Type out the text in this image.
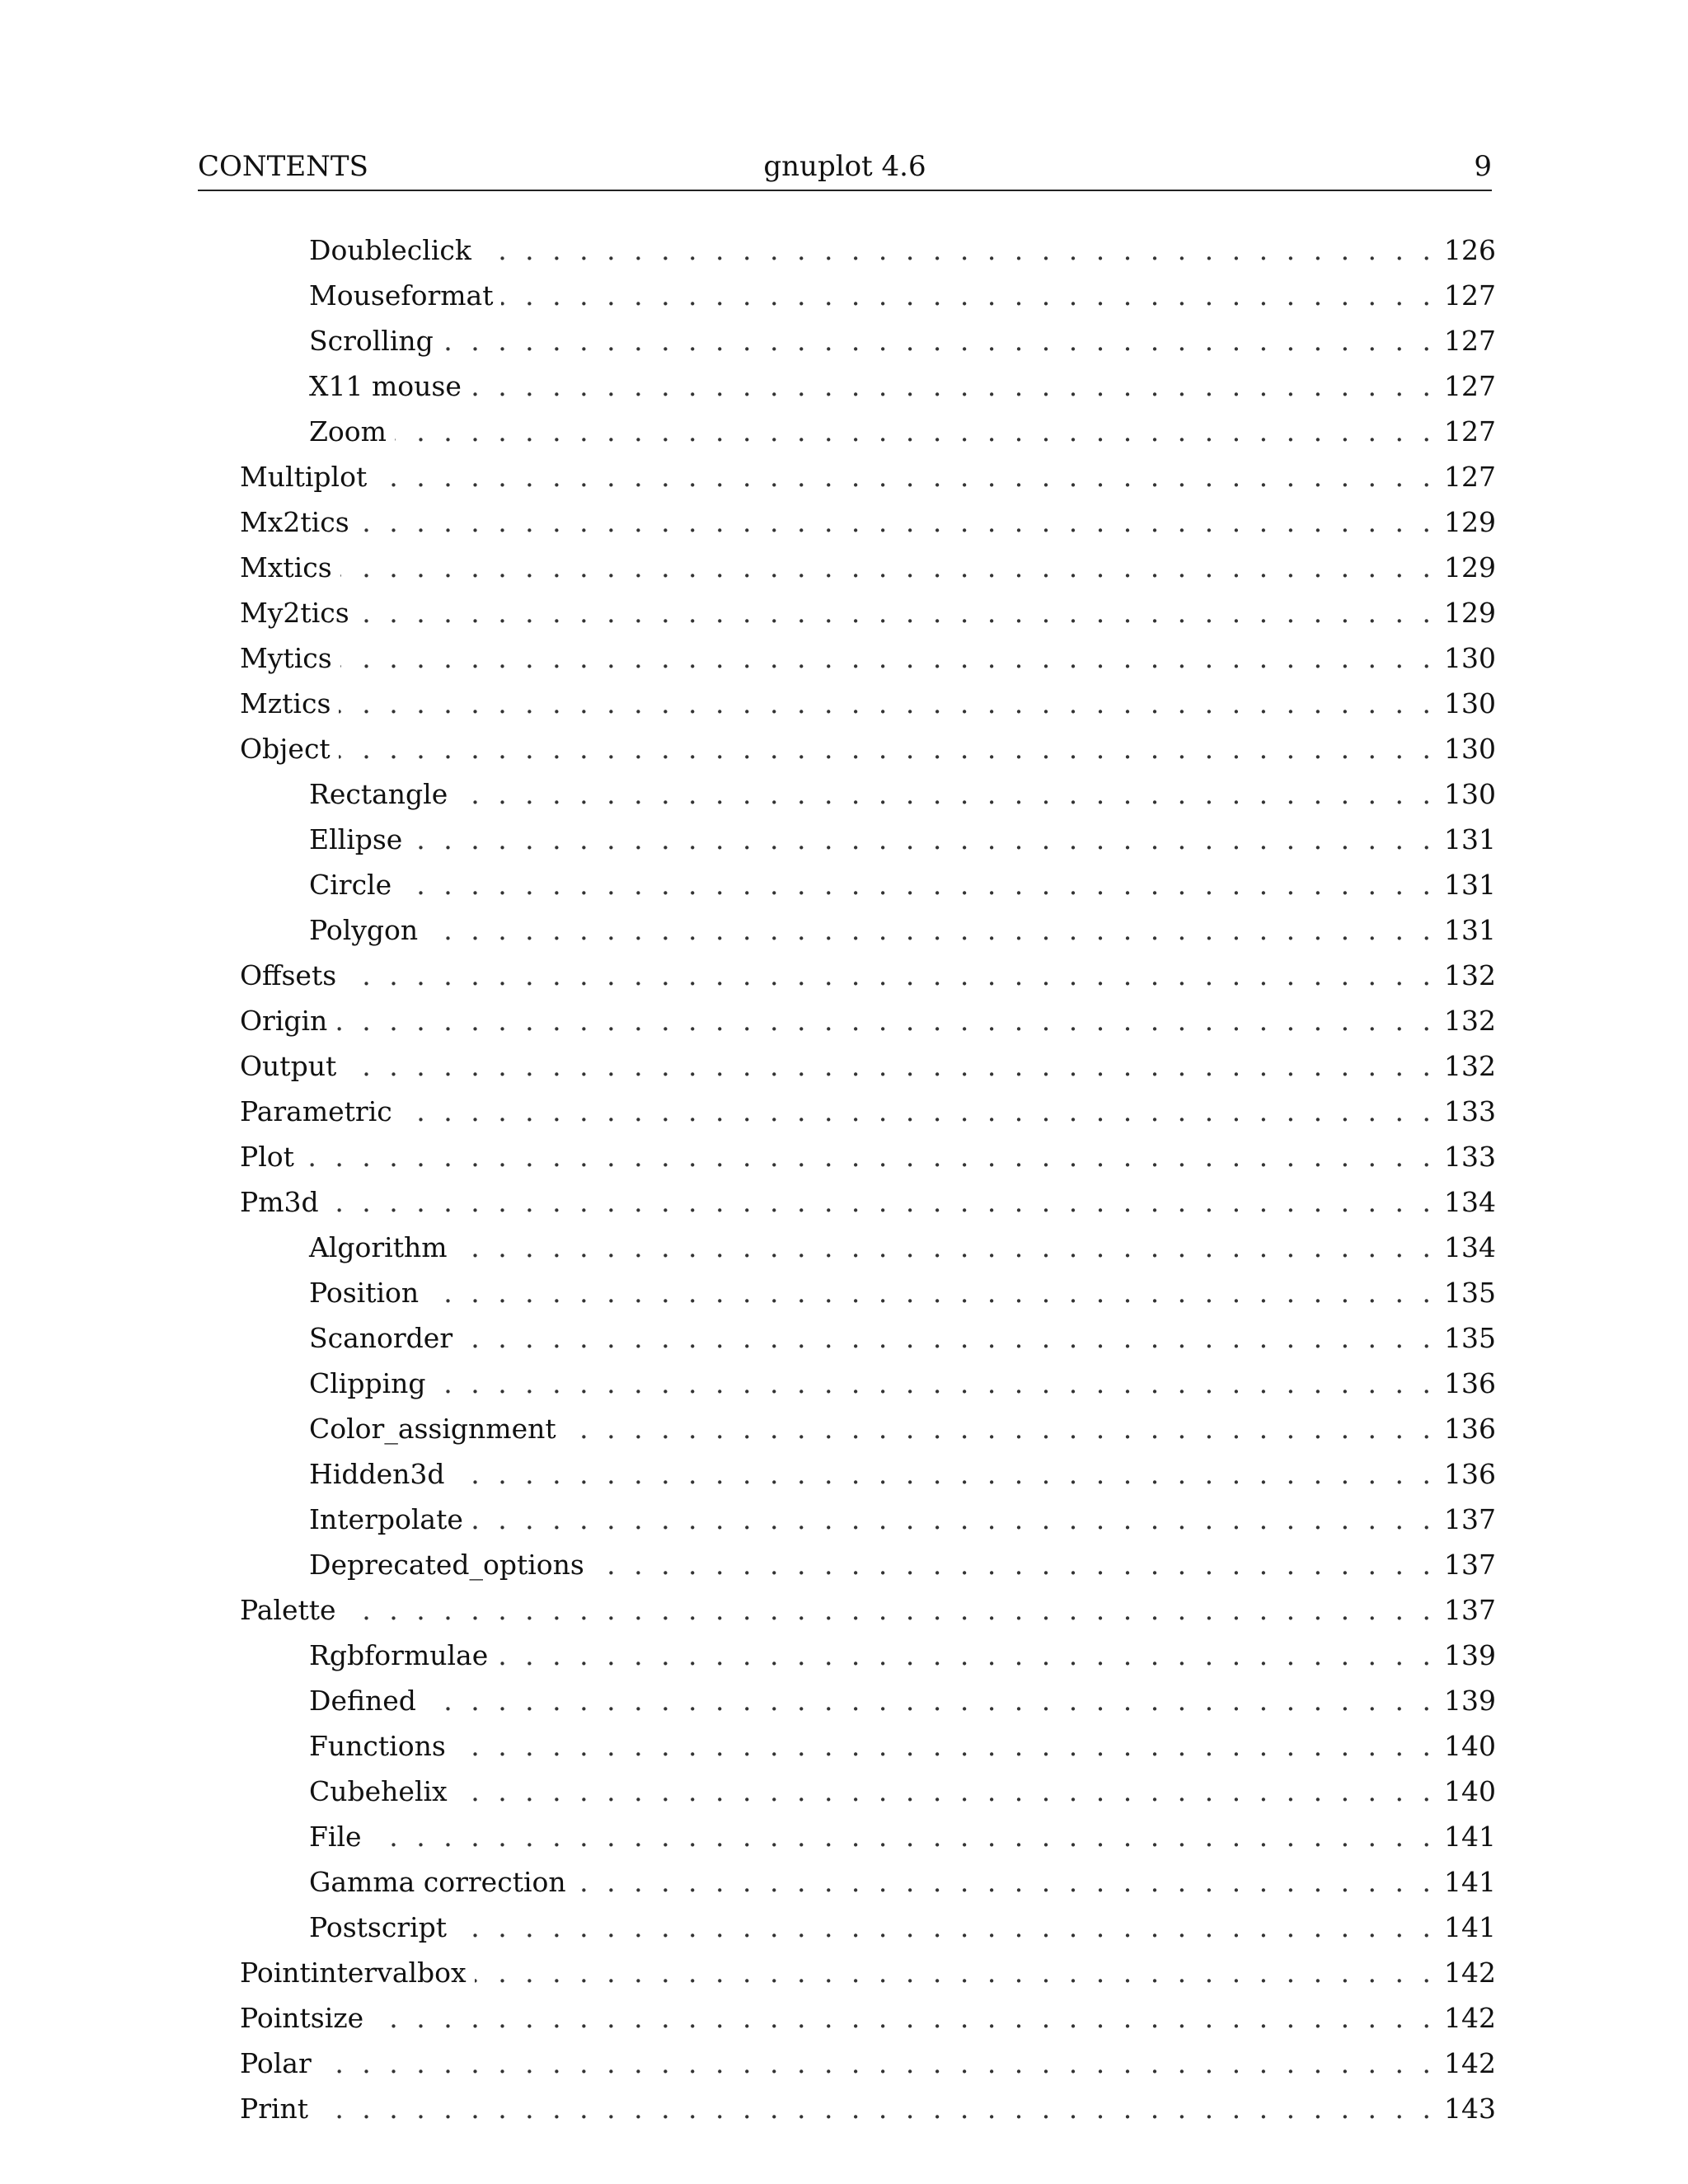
CONTENTS	gnuplot 4.6	9
Doubleclick . . .	126
Mouseformat . . .	127
Scrolling . . .	127
X11 mouse . . .	127
Zoom . . .	127
Multiplot . . .	127
Mx2tics . . .	129
Mxtics . . .	129
My2tics . . .	129
Mytics . . .	130
Mztics . . .	130
Object . . .	130
Rectangle . . .	130
Ellipse . . .	131
Circle . . .	131
Polygon . . .	131
Offsets . . .	132
Origin . . .	132
Output . . .	132
Parametric . . .	133
Plot . . .	133
Pm3d . . .	134
Algorithm . . .	134
Position . . .	135
Scanorder . . .	135
Clipping . . .	136
Color_assignment . . .	136
Hidden3d . . .	136
Interpolate . . .	137
Deprecated_options . . .	137
Palette . . .	137
Rgbformulae . . .	139
Defined . . .	139
Functions . . .	140
Cubehelix . . .	140
File . . .	141
Gamma correction . . .	141
Postscript . . .	141
Pointintervalbox . . .	142
Pointsize . . .	142
Polar . . .	142
Print . . .	143
